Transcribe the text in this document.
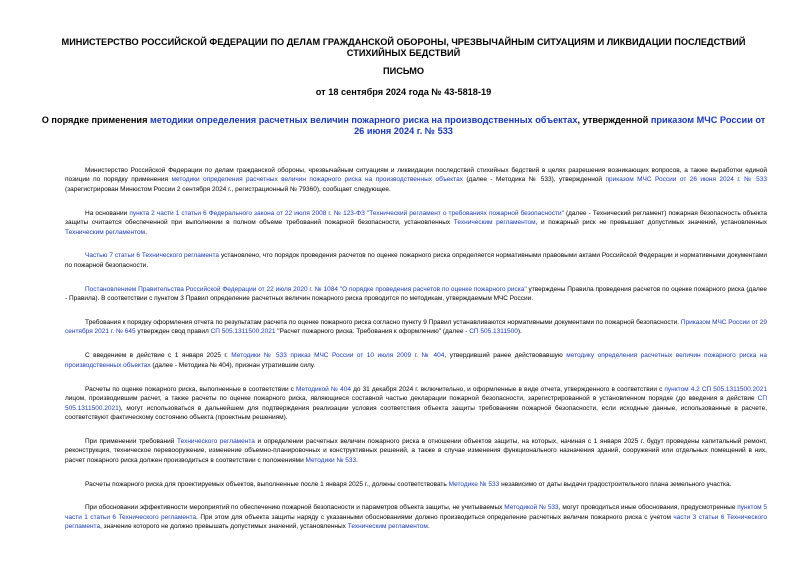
МИНИСТЕРСТВО РОССИЙСКОЙ ФЕДЕРАЦИИ ПО ДЕЛАМ ГРАЖДАНСКОЙ ОБОРОНЫ, ЧРЕЗВЫЧАЙНЫМ СИТУАЦИЯМ И ЛИКВИДАЦИИ ПОСЛЕДСТВИЙ СТИХИЙНЫХ БЕДСТВИЙ

ПИСЬМО

от 18 сентября 2024 года № 43-5818-19

О порядке применения методики определения расчетных величин пожарного риска на производственных объектах, утвержденной приказом МЧС России от 26 июня 2024 г. № 533

Министерство Российской Федерации по делам гражданской обороны, чрезвычайным ситуациям и ликвидации последствий стихийных бедствий в целях разрешения возникающих вопросов, а также выработки единой позиции по порядку применения методики определения расчетных величин пожарного риска на производственных объектах (далее - Методика № 533), утвержденной приказом МЧС России от 26 июня 2024 г. № 533 (зарегистрирован Минюстом России 2 сентября 2024 г., регистрационный № 79360), сообщает следующее.

На основании пункта 2 части 1 статьи 6 Федерального закона от 22 июля 2008 г. № 123-ФЗ "Технический регламент о требованиях пожарной безопасности" (далее - Технический регламент) пожарная безопасность объекта защиты считается обеспеченной при выполнении в полном объеме требований пожарной безопасности, установленных Техническим регламентом, и пожарный риск не превышает допустимых значений, установленных Техническим регламентом.

Частью 7 статьи 6 Технического регламента установлено, что порядок проведения расчетов по оценке пожарного риска определяется нормативными правовыми актами Российской Федерации и нормативными документами по пожарной безопасности.

Постановлением Правительства Российской Федерации от 22 июля 2020 г. № 1084 "О порядке проведения расчетов по оценке пожарного риска" утверждены Правила проведения расчетов по оценке пожарного риска (далее - Правила). В соответствии с пунктом 3 Правил определение расчетных величин пожарного риска проводится по методикам, утверждаемым МЧС России.

Требования к порядку оформления отчета по результатам расчета по оценке пожарного риска согласно пункту 9 Правил устанавливаются нормативными документами по пожарной безопасности. Приказом МЧС России от 29 сентября 2021 г. № 645 утвержден свод правил СП 505.1311500.2021 "Расчет пожарного риска. Требования к оформлению" (далее - СП 505.1311500).

С введением в действие с 1 января 2025 г. Методики № 533 приказ МЧС России от 10 июля 2009 г. № 404, утвердивший ранее действовавшую методику определения расчетных величин пожарного риска на производственных объектах (далее - Методика № 404), признан утратившим силу.

Расчеты по оценке пожарного риска, выполненные в соответствии с Методикой № 404 до 31 декабря 2024 г. включительно, и оформленные в виде отчета, утвержденного в соответствии с пунктом 4.2 СП 505.1311500.2021 лицом, производившим расчет, а также расчеты по оценке пожарного риска, являющиеся составной частью декларации пожарной безопасности, зарегистрированной в установленном порядке (до введения в действие СП 505.1311500.2021), могут использоваться в дальнейшем для подтверждения реализации условия соответствия объекта защиты требованиям пожарной безопасности, если исходные данные, использованные в расчете, соответствуют фактическому состоянию объекта (проектным решениям).

При применении требований Технического регламента и определении расчетных величин пожарного риска в отношении объектов защиты, на которых, начиная с 1 января 2025 г. будут проведены капитальный ремонт, реконструкция, техническое перевооружение, изменение объемно-планировочных и конструктивных решений, а также в случае изменения функционального назначения зданий, сооружений или отдельных помещений в них, расчет пожарного риска должен производиться в соответствии с положениями Методики № 533.

Расчеты пожарного риска для проектируемых объектов, выполненные после 1 января 2025 г., должны соответствовать Методике № 533 независимо от даты выдачи градостроительного плана земельного участка.

При обосновании эффективности мероприятий по обеспечению пожарной безопасности и параметров объекта защиты, не учитываемых Методикой № 533, могут проводиться иные обоснования, предусмотренные пунктом 5 части 1 статьи 6 Технического регламента. При этом для объекта защиты наряду с указанными обоснованиями должно производиться определение расчетных величин пожарного риска с учетом части 3 статьи 6 Технического регламента, значение которого не должно превышать допустимых значений, установленных Техническим регламентом.
